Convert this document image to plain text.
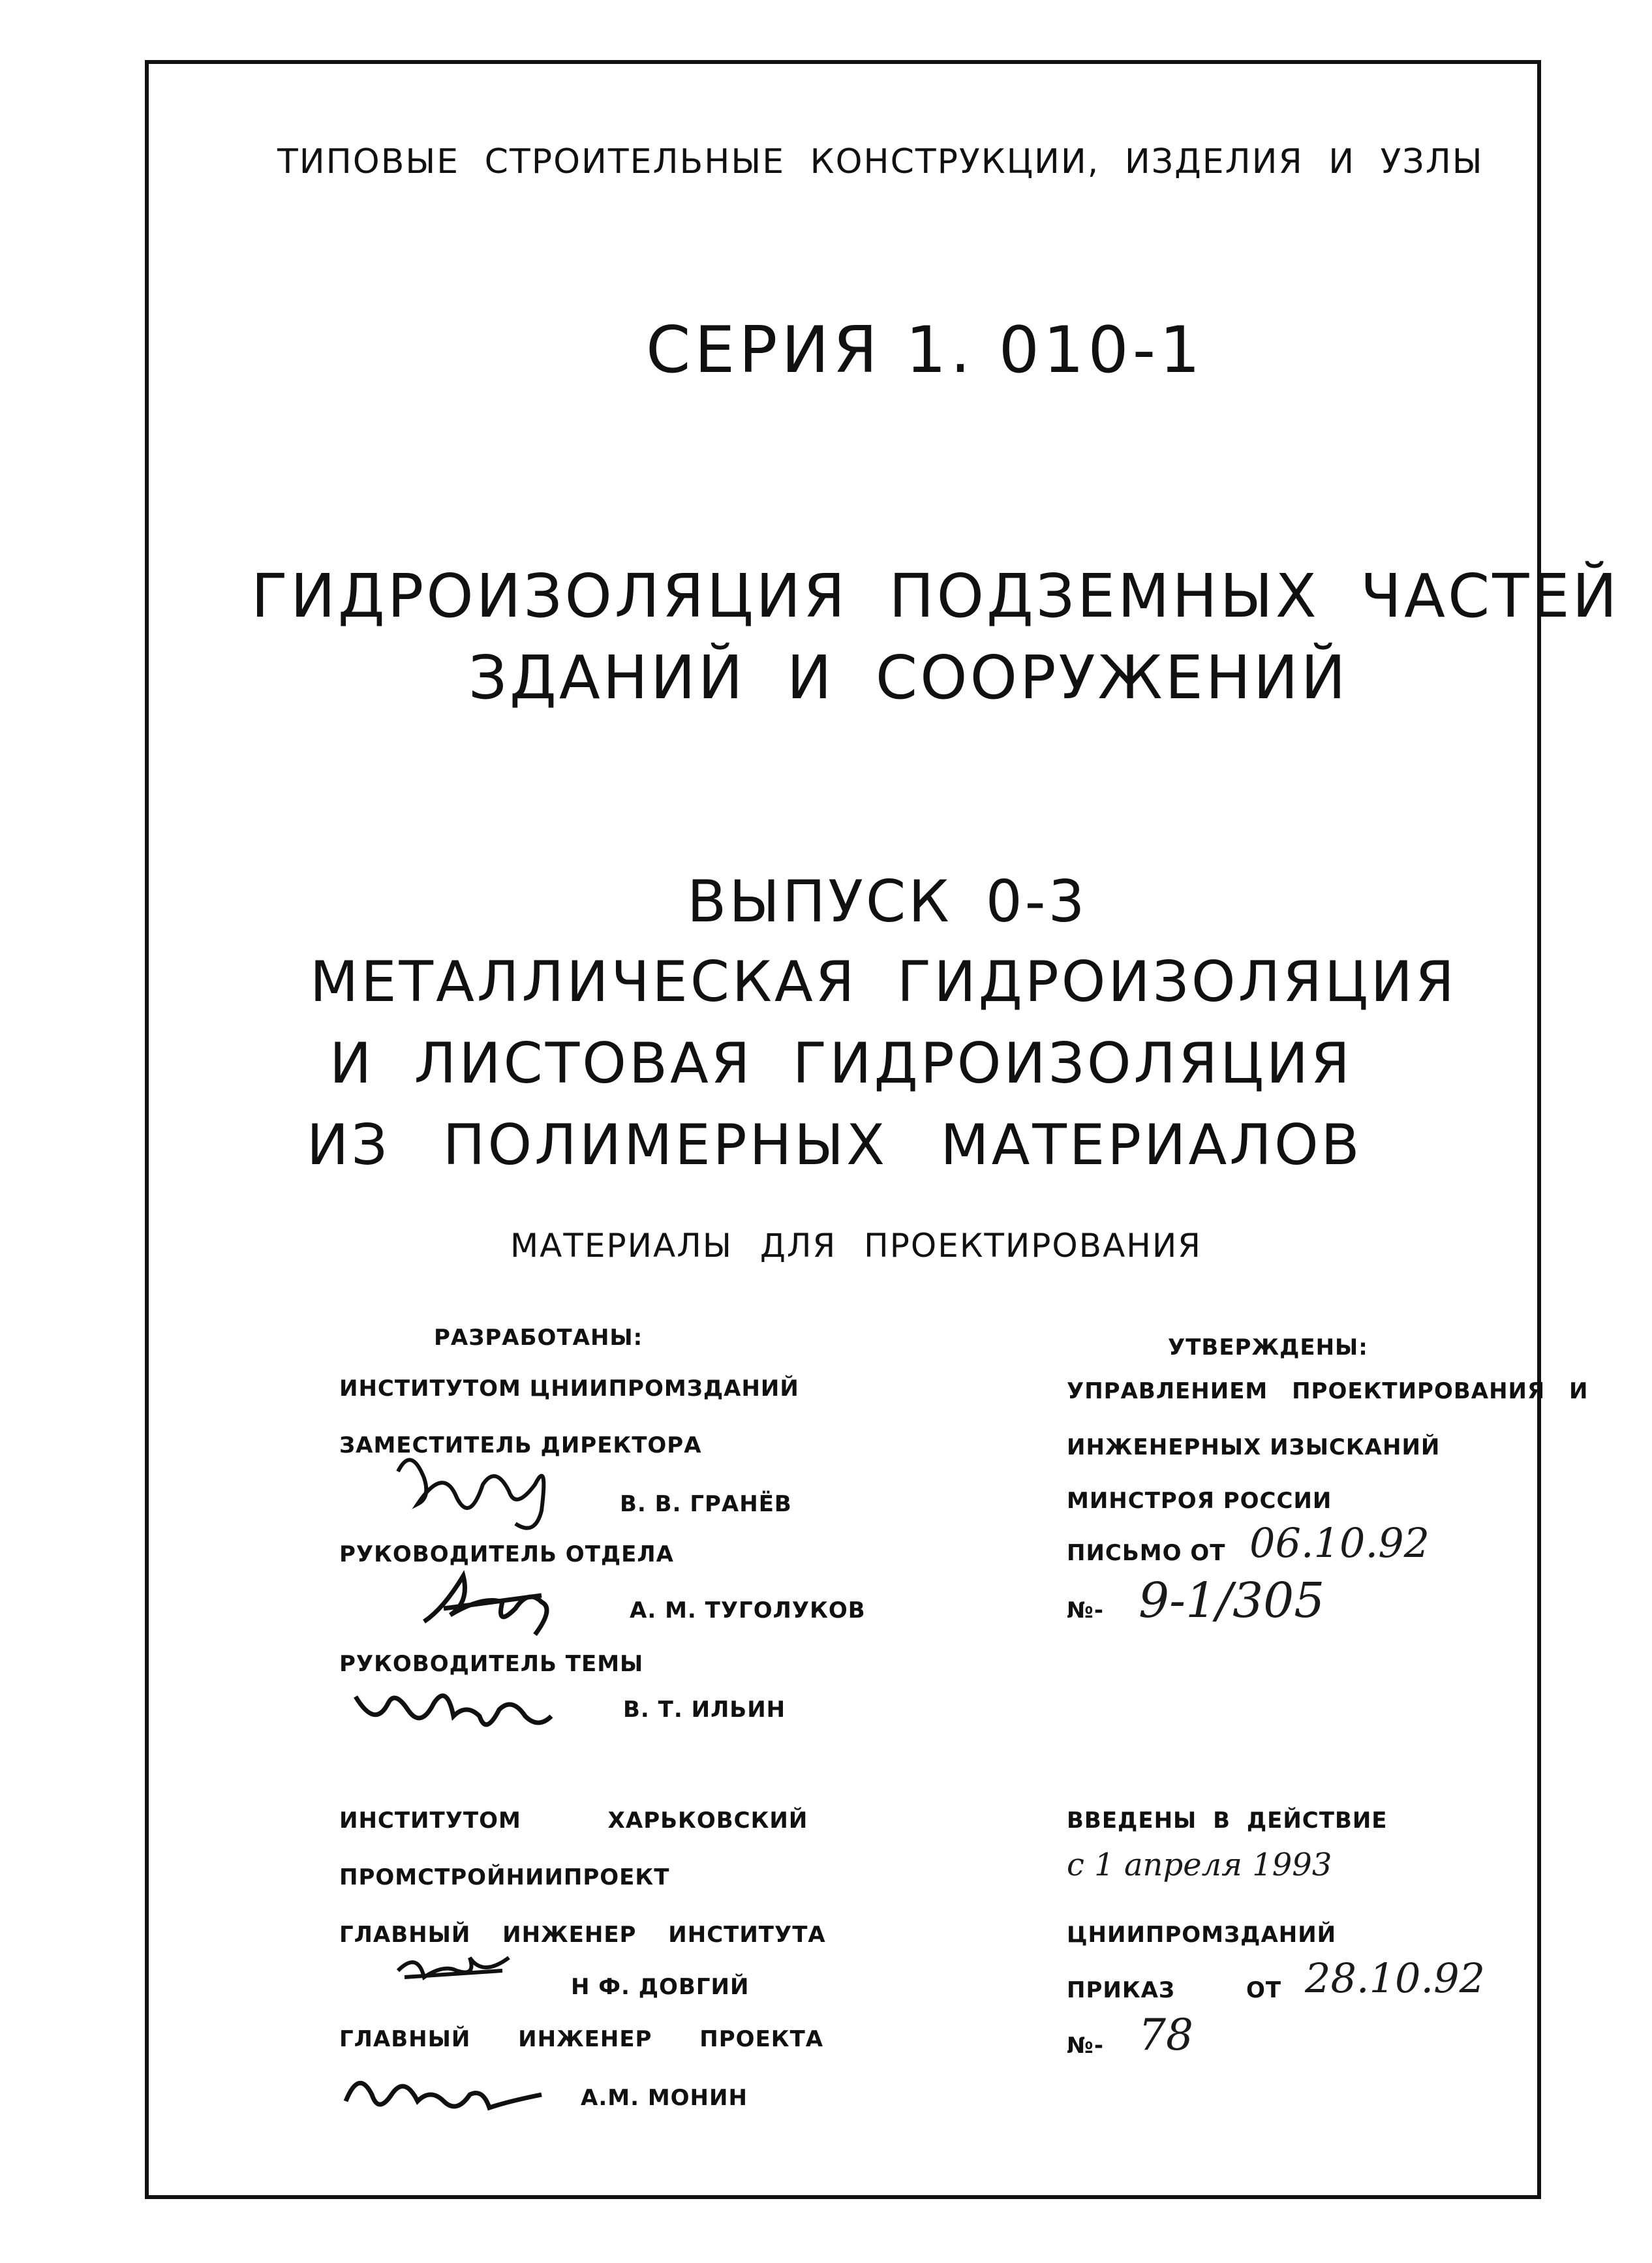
ТИПОВЫЕ СТРОИТЕЛЬНЫЕ КОНСТРУКЦИИ, ИЗДЕЛИЯ И УЗЛЫ
СЕРИЯ 1. 010-1
ГИДРОИЗОЛЯЦИЯ ПОДЗЕМНЫХ ЧАСТЕЙ
ЗДАНИЙ И СООРУЖЕНИЙ
ВЫПУСК 0-3
МЕТАЛЛИЧЕСКАЯ ГИДРОИЗОЛЯЦИЯ
И ЛИСТОВАЯ ГИДРОИЗОЛЯЦИЯ
ИЗ ПОЛИМЕРНЫХ МАТЕРИАЛОВ
МАТЕРИАЛЫ ДЛЯ ПРОЕКТИРОВАНИЯ
РАЗРАБОТАНЫ:
ИНСТИТУТОМ ЦНИИПРОМЗДАНИЙ
ЗАМЕСТИТЕЛЬ ДИРЕКТОРА
В. В. ГРАНЁВ
РУКОВОДИТЕЛЬ ОТДЕЛА
А. М. ТУГОЛУКОВ
РУКОВОДИТЕЛЬ ТЕМЫ
В. Т. ИЛЬИН
ИНСТИТУТОМ ХАРЬКОВСКИЙ
ПРОМСТРОЙНИИПРОЕКТ
ГЛАВНЫЙ ИНЖЕНЕР ИНСТИТУТА
Н Ф. ДОВГИЙ
ГЛАВНЫЙ ИНЖЕНЕР ПРОЕКТА
А.М. МОНИН
УТВЕРЖДЕНЫ:
УПРАВЛЕНИЕМ ПРОЕКТИРОВАНИЯ И
ИНЖЕНЕРНЫХ ИЗЫСКАНИЙ
МИНСТРОЯ РОССИИ
ПИСЬМО ОТ 06.10.92
№- 9-1/305
ВВЕДЕНЫ В ДЕЙСТВИЕ
с 1 апреля 1993
ЦНИИПРОМЗДАНИЙ
ПРИКАЗ	ОТ 28.10.92
№- 78
